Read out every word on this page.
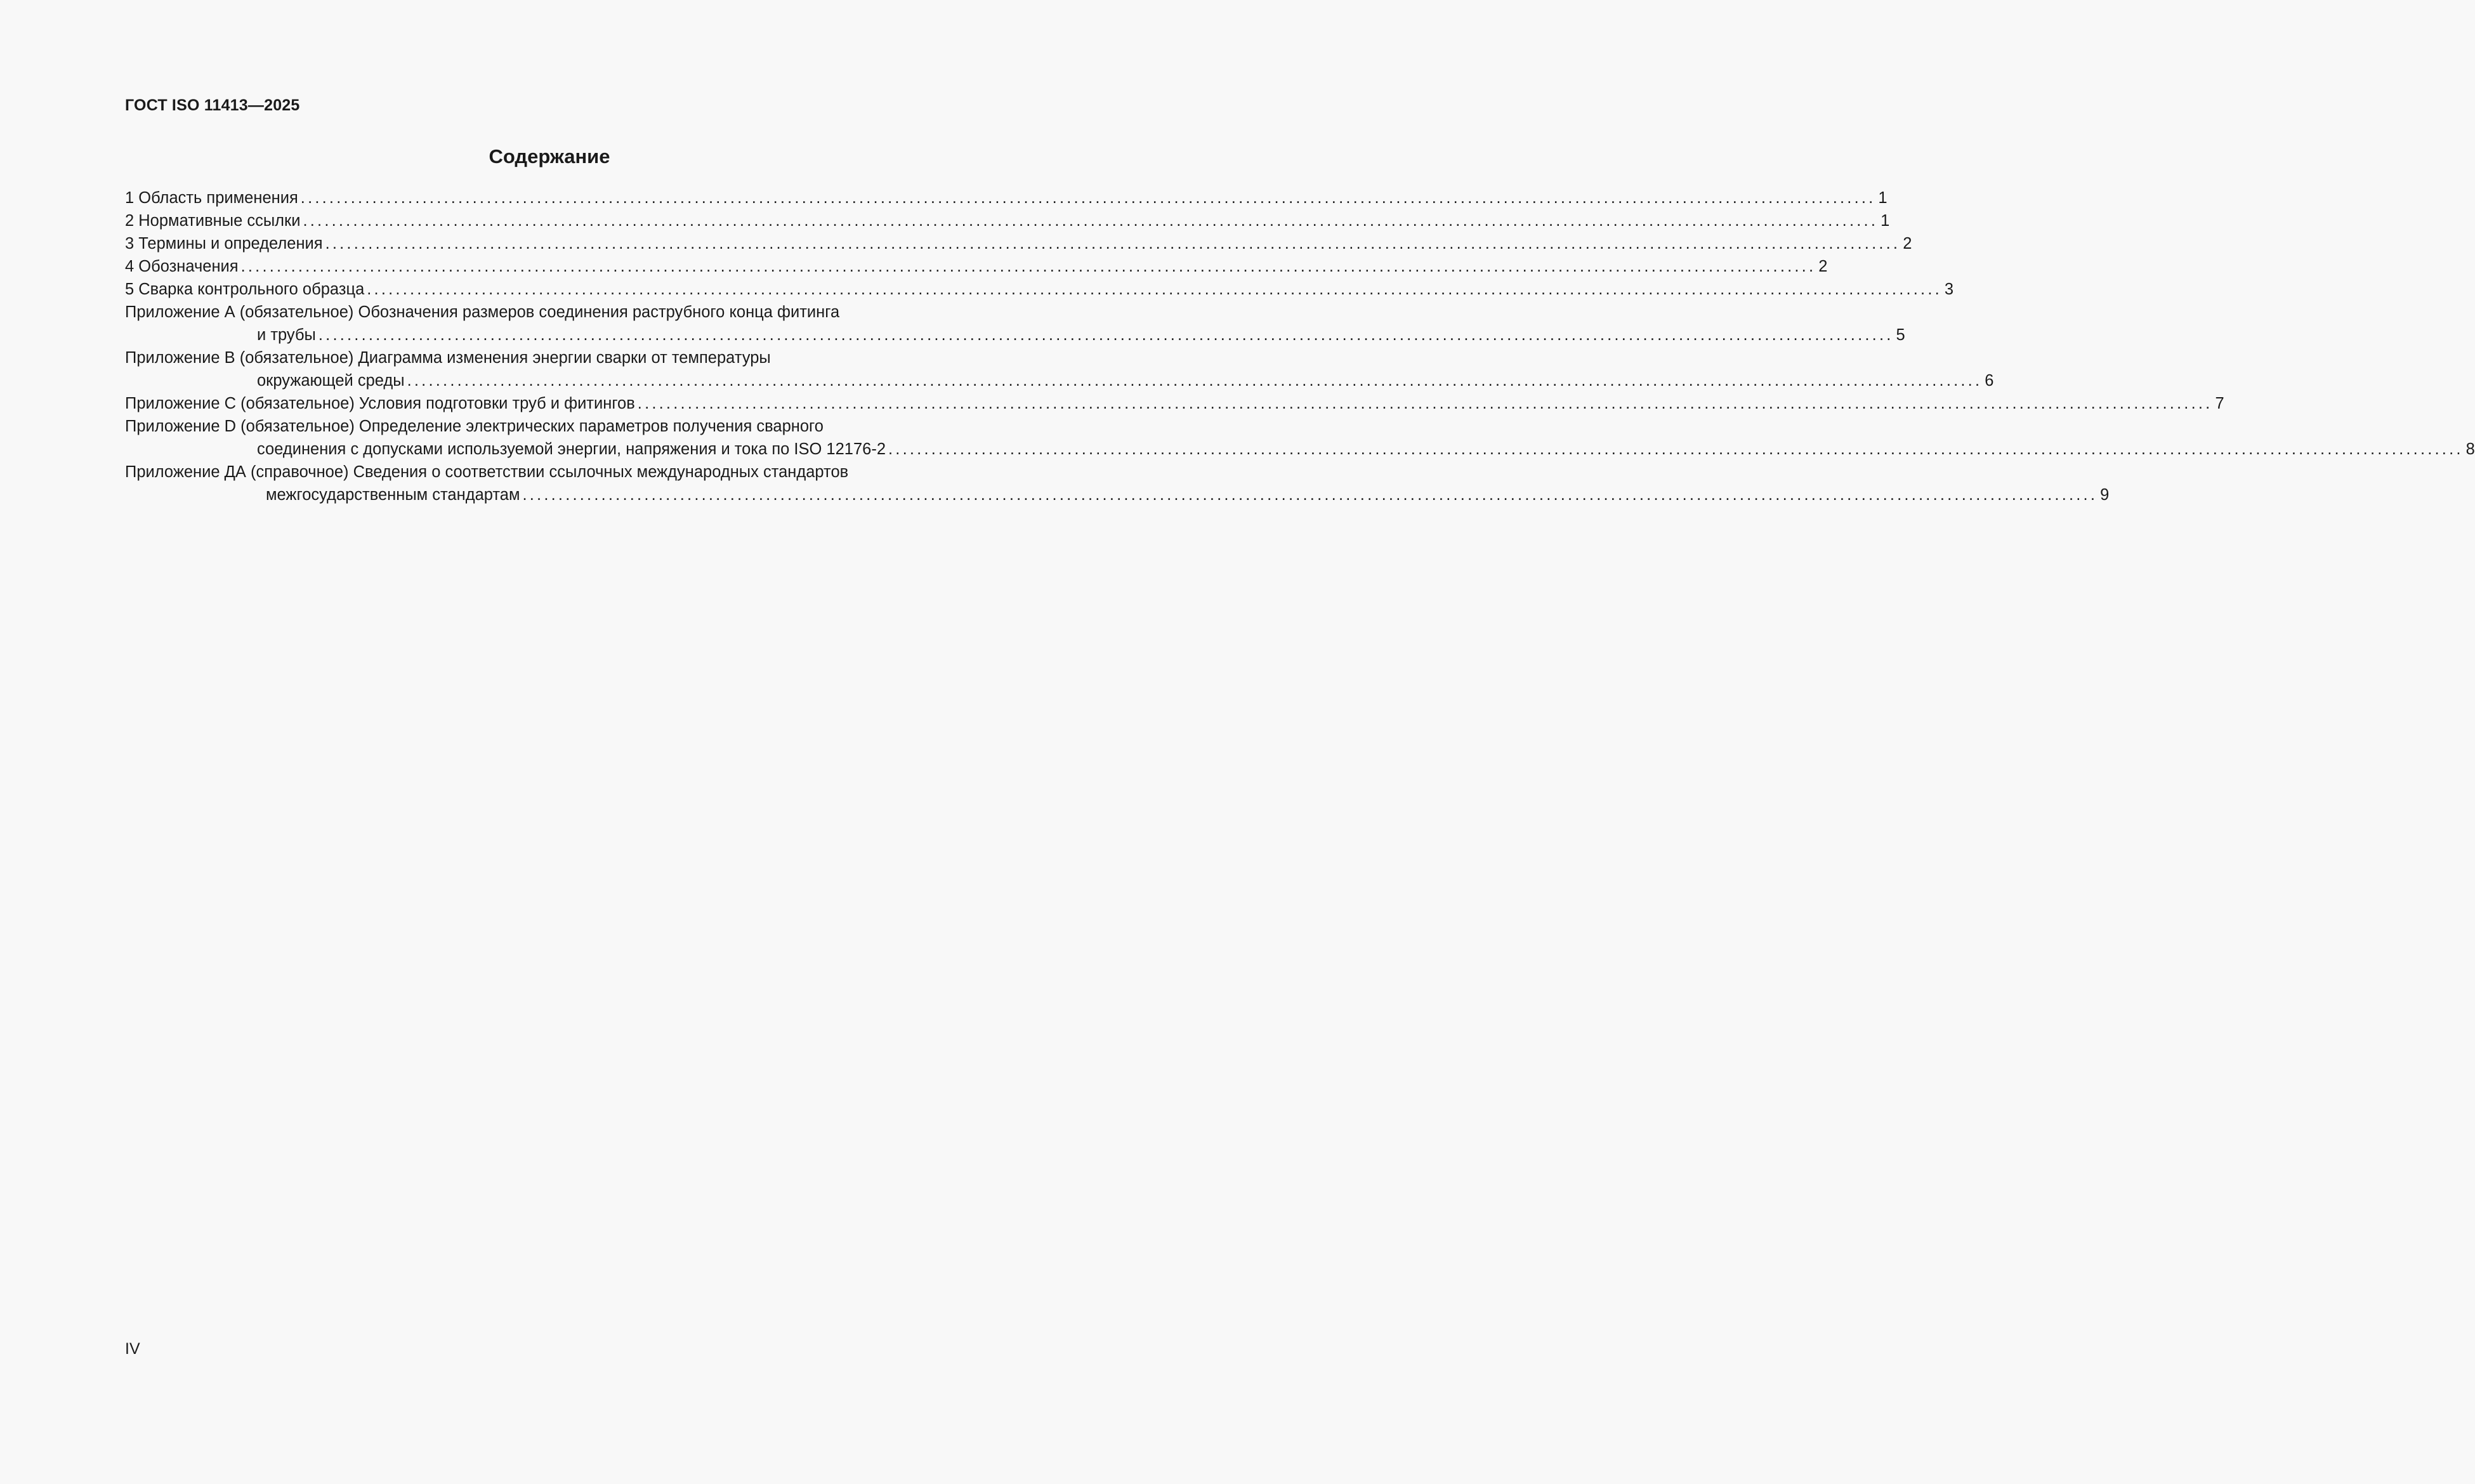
ГОСТ ISO 11413—2025
Содержание
1 Область применения ............................................................................................................................................................................................................................ 1
2 Нормативные ссылки ............................................................................................................................................................................................................................ 1
3 Термины и определения ............................................................................................................................................................................................................................ 2
4 Обозначения ............................................................................................................................................................................................................................ 2
5 Сварка контрольного образца ............................................................................................................................................................................................................................ 3
Приложение А (обязательное) Обозначения размеров соединения раструбного конца фитинга
и трубы ............................................................................................................................................................................................................................ 5
Приложение В (обязательное) Диаграмма изменения энергии сварки от температуры
окружающей среды ............................................................................................................................................................................................................................ 6
Приложение С (обязательное) Условия подготовки труб и фитингов ............................................................................................................................................................................................................................ 7
Приложение D (обязательное) Определение электрических параметров получения сварного
соединения с допусками используемой энергии, напряжения и тока по ISO 12176-2 ............................................................................................................................................................................................................................ 8
Приложение ДА (справочное) Сведения о соответствии ссылочных международных стандартов
межгосударственным стандартам ............................................................................................................................................................................................................................ 9
IV
